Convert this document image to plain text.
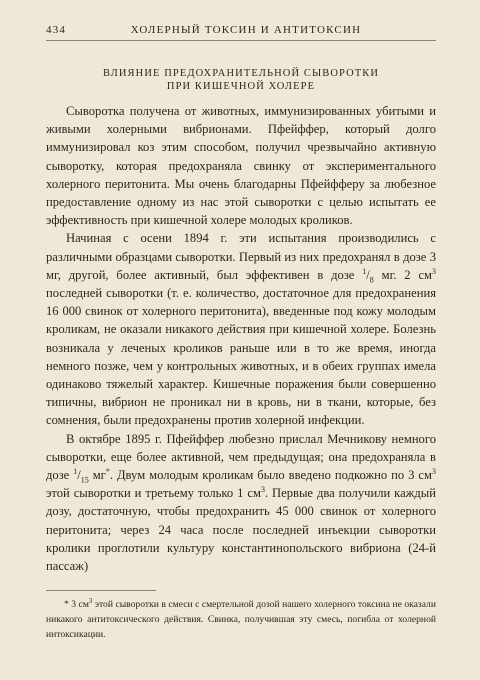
434	ХОЛЕРНЫЙ ТОКСИН И АНТИТОКСИН
ВЛИЯНИЕ ПРЕДОХРАНИТЕЛЬНОЙ СЫВОРОТКИ
ПРИ КИШЕЧНОЙ ХОЛЕРЕ

Сыворотка получена от животных, иммунизированных убитыми и живыми холерными вибрионами. Пфейффер, который долго иммунизировал коз этим способом, получил чрезвычайно активную сыворотку, которая предохраняла свинку от экспериментального холерного перитонита. Мы очень благодарны Пфейфферу за любезное предоставление одному из нас этой сыворотки с целью испытать ее эффективность при кишечной холере молодых кроликов.

Начиная с осени 1894 г. эти испытания производились с различными образцами сыворотки. Первый из них предохранял в дозе 3 мг, другой, более активный, был эффективен в дозе $^1/_8$ мг. 2 $см^3$ последней сыворотки (т. е. количество, достаточное для предохранения 16 000 свинок от холерного перитонита), введенные под кожу молодым кроликам, не оказали никакого действия при кишечной холере. Болезнь возникала у леченых кроликов раньше или в то же время, иногда немного позже, чем у контрольных животных, и в обеих группах имела одинаково тяжелый характер. Кишечные поражения были совершенно типичны, вибрион не проникал ни в кровь, ни в ткани, которые, без сомнения, были предохранены против холерной инфекции.

В октябре 1895 г. Пфейффер любезно прислал Мечникову немного сыворотки, еще более активной, чем предыдущая; она предохраняла в дозе $^1/_{15}$ мг*. Двум молодым кроликам было введено подкожно по 3 $см^3$ этой сыворотки и третьему только 1 $см^3$. Первые два получили каждый дозу, достаточную, чтобы предохранить 45 000 свинок от холерного перитонита; через 24 часа после последней инъекции сыворотки кролики проглотили культуру константинопольского вибриона (24-й пассаж)

* 3 $см^3$ этой сыворотки в смеси с смертельной дозой нашего холерного токсина не оказали никакого антитоксического действия. Свинка, получившая эту смесь, погибла от холерной интоксикации.
